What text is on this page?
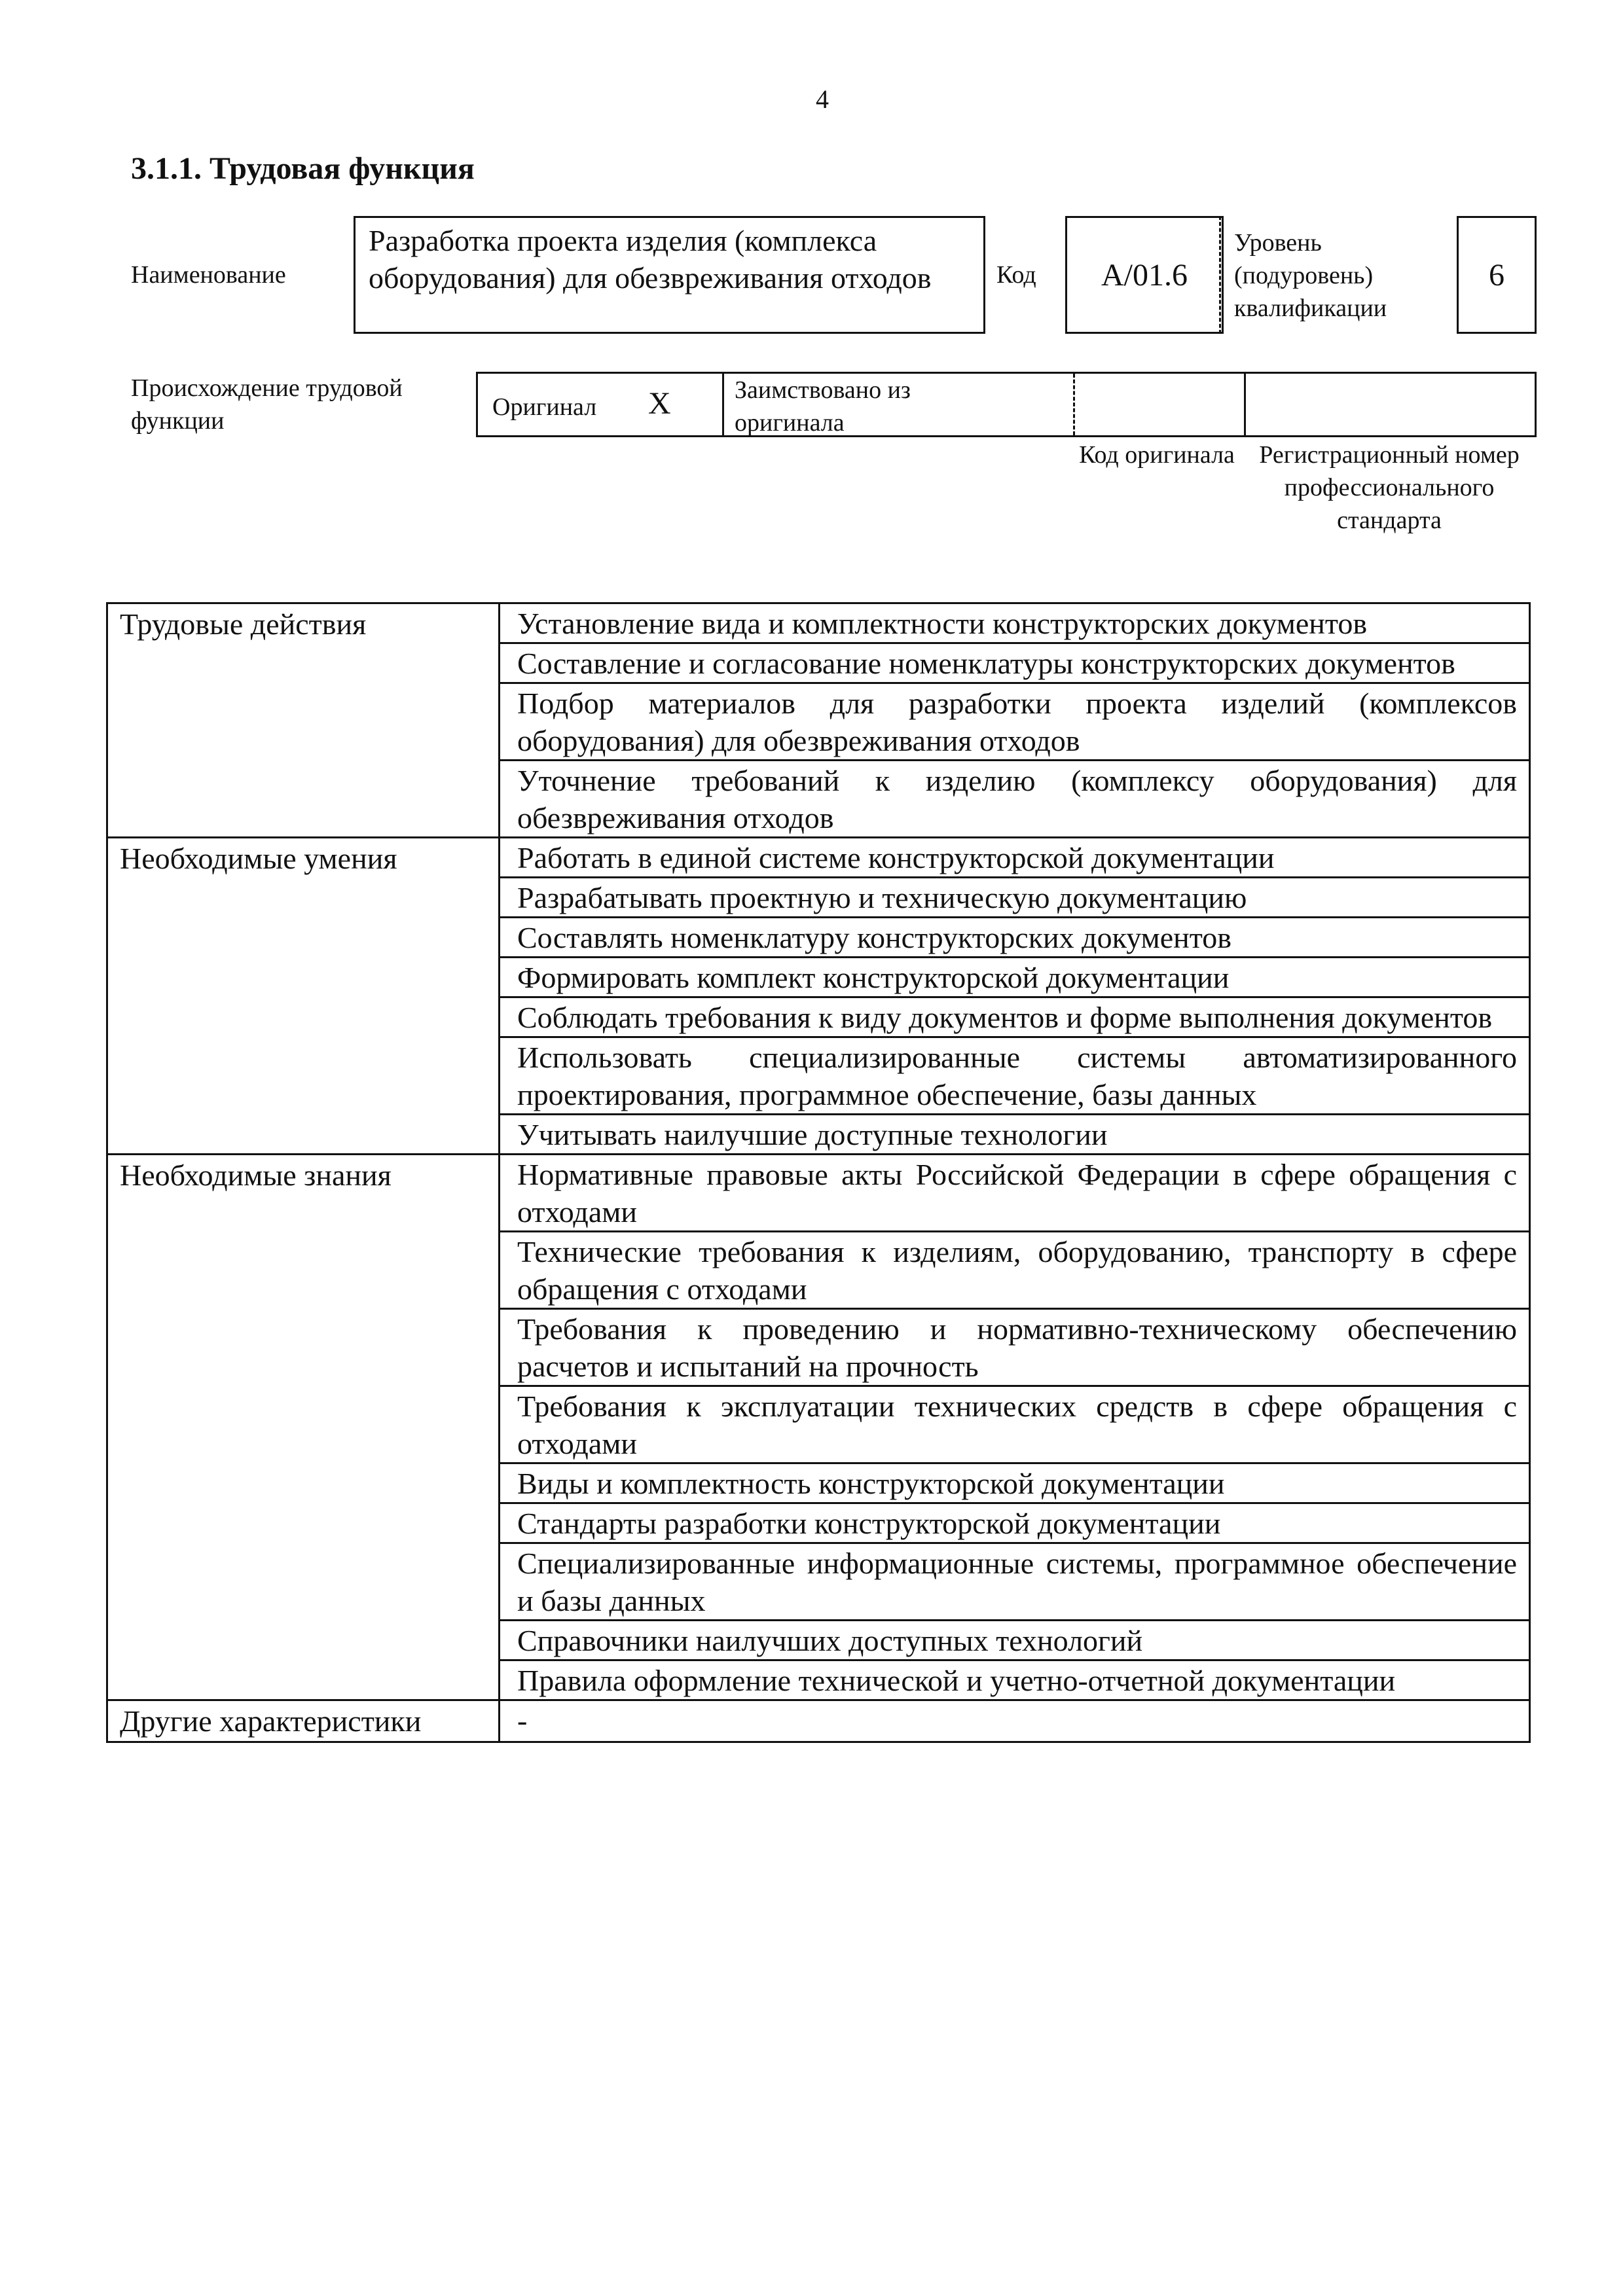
4
3.1.1. Трудовая функция
Наименование
Разработка проекта изделия (комплекса оборудования) для обезвреживания отходов	Код А/01.6
Уровень (подуровень) квалификации
6
Происхождение трудовой функции	Оригинал X	Заимствовано из оригинала
Код оригинала Регистрационный номер профессионального стандарта
Трудовые действия	Установление вида и комплектности конструкторских документов
	Составление и согласование номенклатуры конструкторских документов
	Подбор материалов для разработки проекта изделий (комплексов оборудования) для обезвреживания отходов
	Уточнение требований к изделию (комплексу оборудования) для обезвреживания отходов
Необходимые умения	Работать в единой системе конструкторской документации
	Разрабатывать проектную и техническую документацию
	Составлять номенклатуру конструкторских документов
	Формировать комплект конструкторской документации
	Соблюдать требования к виду документов и форме выполнения документов
	Использовать специализированные системы автоматизированного проектирования, программное обеспечение, базы данных
	Учитывать наилучшие доступные технологии
Необходимые знания	Нормативные правовые акты Российской Федерации в сфере обращения с отходами
	Технические требования к изделиям, оборудованию, транспорту в сфере обращения с отходами
	Требования к проведению и нормативно-техническому обеспечению расчетов и испытаний на прочность
	Требования к эксплуатации технических средств в сфере обращения с отходами
	Виды и комплектность конструкторской документации
	Стандарты разработки конструкторской документации
	Специализированные информационные системы, программное обеспечение и базы данных
	Справочники наилучших доступных технологий
	Правила оформление технической и учетно-отчетной документации
Другие характеристики	-
